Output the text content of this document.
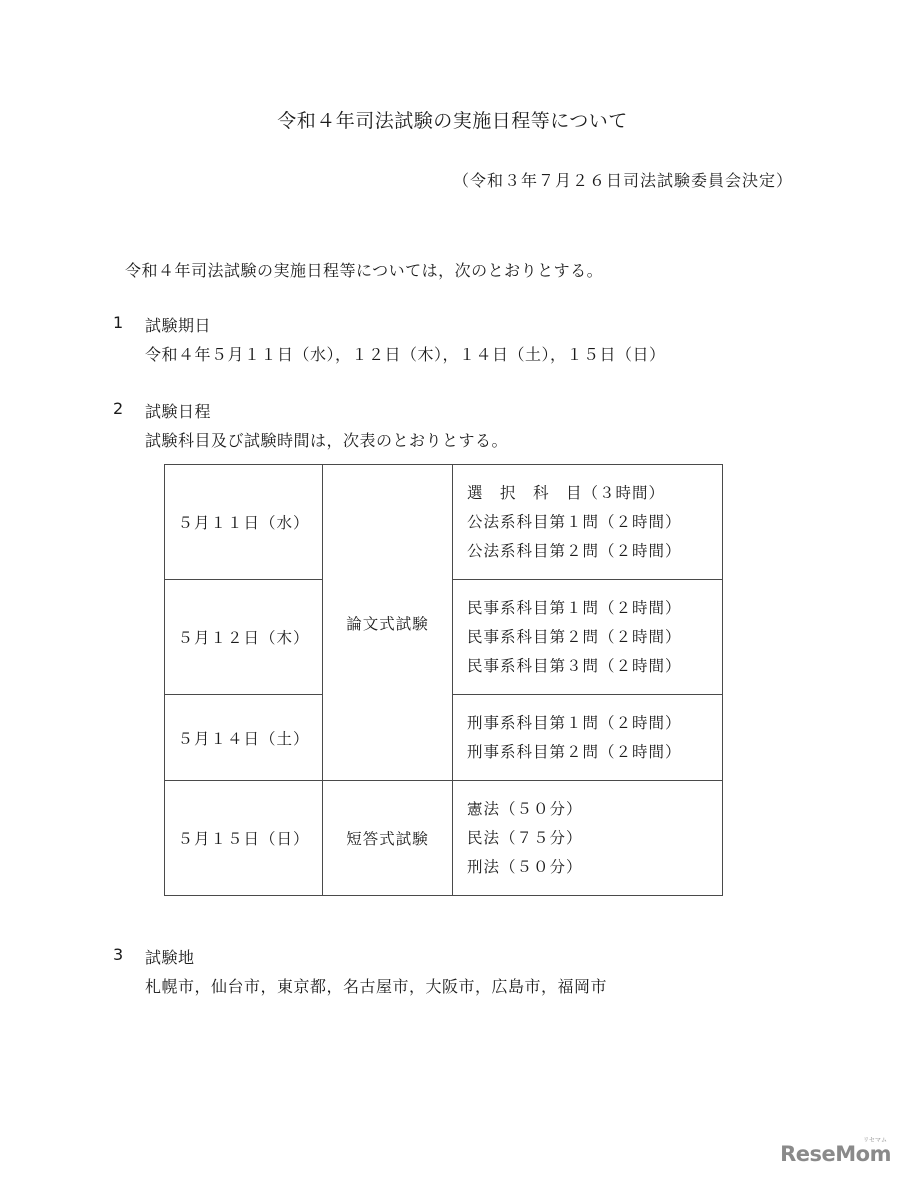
令和４年司法試験の実施日程等について
（令和３年７月２６日司法試験委員会決定）
令和４年司法試験の実施日程等については，次のとおりとする。
1 試験期日
令和４年５月１１日（水），１２日（木），１４日（土），１５日（日）
2 試験日程
試験科目及び試験時間は，次表のとおりとする。
５月１１日（水）	論文式試験	選　択　科　目（３時間）
公法系科目第１問（２時間）
公法系科目第２問（２時間）

５月１２日（木）		民事系科目第１問（２時間）
民事系科目第２問（２時間）
民事系科目第３問（２時間）

５月１４日（土）		刑事系科目第１問（２時間）
刑事系科目第２問（２時間）

５月１５日（日）	短答式試験	憲法（５０分）
民法（７５分）
刑法（５０分）
3 試験地
札幌市，仙台市，東京都，名古屋市，大阪市，広島市，福岡市
ReseMom
リセマム
